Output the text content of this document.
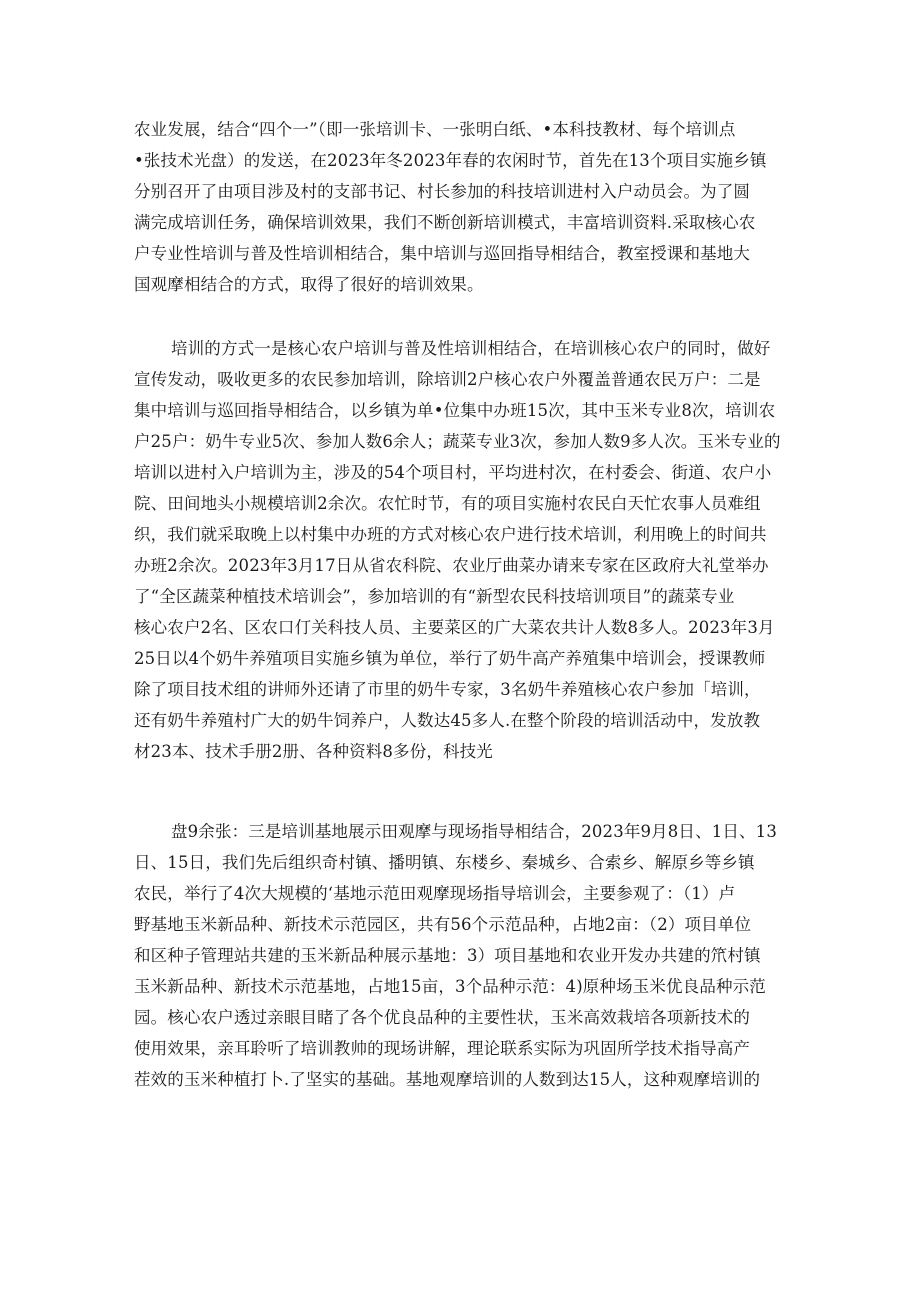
农业发展，结合“四个一”（即一张培训卡、一张明白纸、•本科技教材、每个培训点
•张技术光盘）的发送，在2023年冬2023年春的农闲时节，首先在13个项目实施乡镇
分别召开了由项目涉及村的支部书记、村长参加的科技培训进村入户动员会。为了圆
满完成培训任务，确保培训效果，我们不断创新培训模式，丰富培训资料.采取核心农
户专业性培训与普及性培训相结合，集中培训与巡回指导相结合，教室授课和基地大
国观摩相结合的方式，取得了很好的培训效果。
培训的方式一是核心农户培训与普及性培训相结合，在培训核心农户的同时，做好
宣传发动，吸收更多的农民参加培训，除培训2户核心农户外覆盖普通农民万户：二是
集中培训与巡回指导相结合，以乡镇为单•位集中办班15次，其中玉米专业8次，培训农
户25户：奶牛专业5次、参加人数6余人；蔬菜专业3次，参加人数9多人次。玉米专业的
培训以进村入户培训为主，涉及的54个项目村，平均进村次，在村委会、街道、农户小
院、田间地头小规模培训2余次。农忙时节，有的项目实施村农民白天忙农事人员难组
织，我们就采取晚上以村集中办班的方式对核心农户进行技术培训，利用晚上的时间共
办班2余次。2023年3月17日从省农科院、农业厅曲菜办请来专家在区政府大礼堂举办
了“全区蔬菜种植技术培训会”，参加培训的有“新型农民科技培训项目”的蔬菜专业
核心农户2名、区农口仃关科技人员、主要菜区的广大菜农共计人数8多人。2023年3月
25日以4个奶牛养殖项目实施乡镇为单位，举行了奶牛高产养殖集中培训会，授课教师
除了项目技术组的讲师外还请了市里的奶牛专家，3名奶牛养殖核心农户参加「培训，
还有奶牛养殖村广大的奶牛饲养户，人数达45多人.在整个阶段的培训活动中，发放教
材23本、技术手册2册、各种资料8多份，科技光
盘9余张：三是培训基地展示田观摩与现场指导相结合，2023年9月8日、1日、13
日、15日，我们先后组织奇村镇、播明镇、东楼乡、秦城乡、合索乡、解原乡等乡镇
农民，举行了4次大规模的‘基地示范田观摩现场指导培训会，主要参观了：（1）卢
野基地玉米新品种、新技术示范园区，共有56个示范品种，占地2亩：（2）项目单位
和区种子管理站共建的玉米新品种展示基地：3）项目基地和农业开发办共建的笊村镇
玉米新品种、新技术示范基地，占地15亩，3个品种示范：4)原种场玉米优良品种示范
园。核心农户透过亲眼目睹了各个优良品种的主要性状，玉米高效栽培各项新技术的
使用效果，亲耳聆听了培训教帅的现场讲解，理论联系实际为巩固所学技术指导高产
茬效的玉米种植打卜.了坚实的基础。基地观摩培训的人数到达15人，这种观摩培训的
